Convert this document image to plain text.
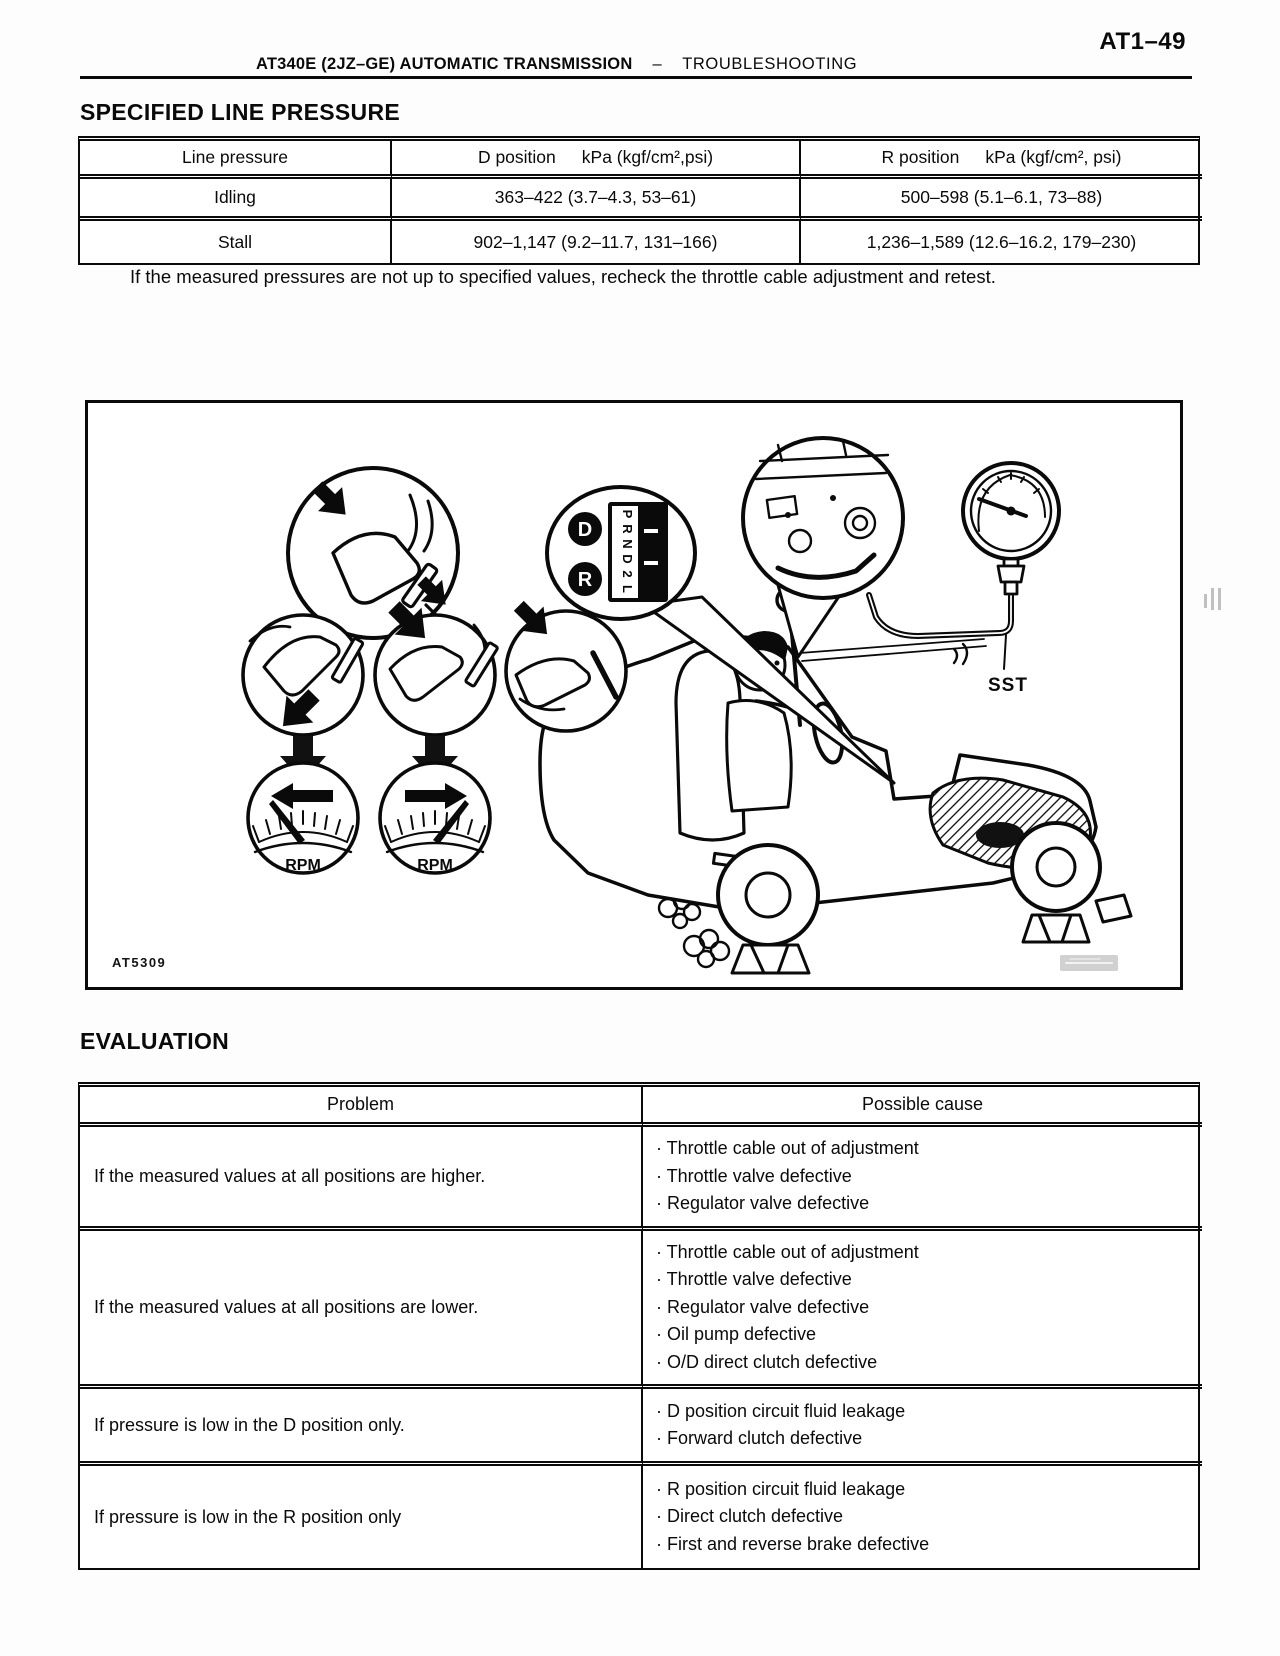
AT1–49
AT340E (2JZ–GE) AUTOMATIC TRANSMISSION – TROUBLESHOOTING
SPECIFIED LINE PRESSURE
Line pressure	D position kPa (kgf/cm²,psi)	R position kPa (kgf/cm², psi)
Idling	363–422 (3.7–4.3, 53–61)	500–598 (5.1–6.1, 73–88)
Stall	902–1,147 (9.2–11.7, 131–166)	1,236–1,589 (12.6–16.2, 179–230)
If the measured pressures are not up to specified values, recheck the throttle cable adjustment and retest.
RPM	RPM
D
R
P
R
N
D
2
L
SST
AT5309
EVALUATION
Problem	Possible cause
If the measured values at all positions are higher.
· Throttle cable out of adjustment
· Throttle valve defective
· Regulator valve defective
If the measured values at all positions are lower.
· Throttle cable out of adjustment
· Throttle valve defective
· Regulator valve defective
· Oil pump defective
· O/D direct clutch defective
If pressure is low in the D position only.
· D position circuit fluid leakage
· Forward clutch defective
If pressure is low in the R position only
· R position circuit fluid leakage
· Direct clutch defective
· First and reverse brake defective
